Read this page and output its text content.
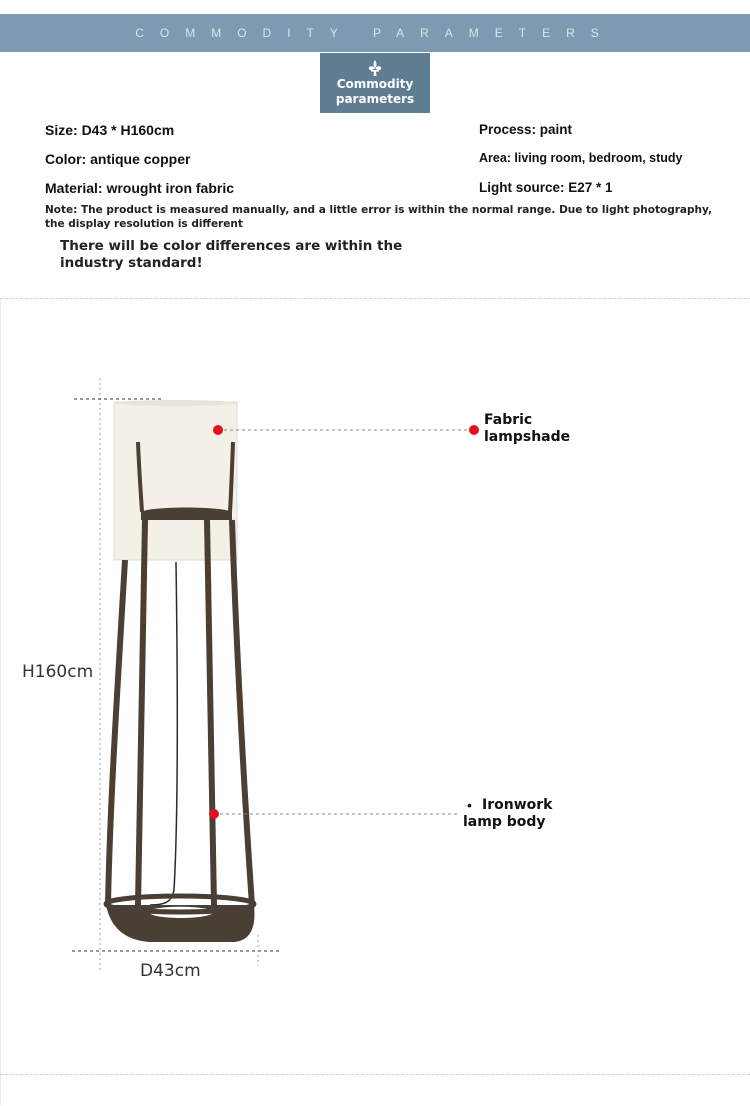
COMMODITY PARAMETERS
Commodity
parameters
Size: D43 * H160cm
Color: antique copper
Material: wrought iron fabric
Process: paint
Area: living room, bedroom, study
Light source: E27 * 1
Note: The product is measured manually, and a little error is within the normal range. Due to light photography, the display resolution is different
There will be color differences are within the industry standard!
H160cm
D43cm
Fabric
lampshade
• Ironwork
lamp body
